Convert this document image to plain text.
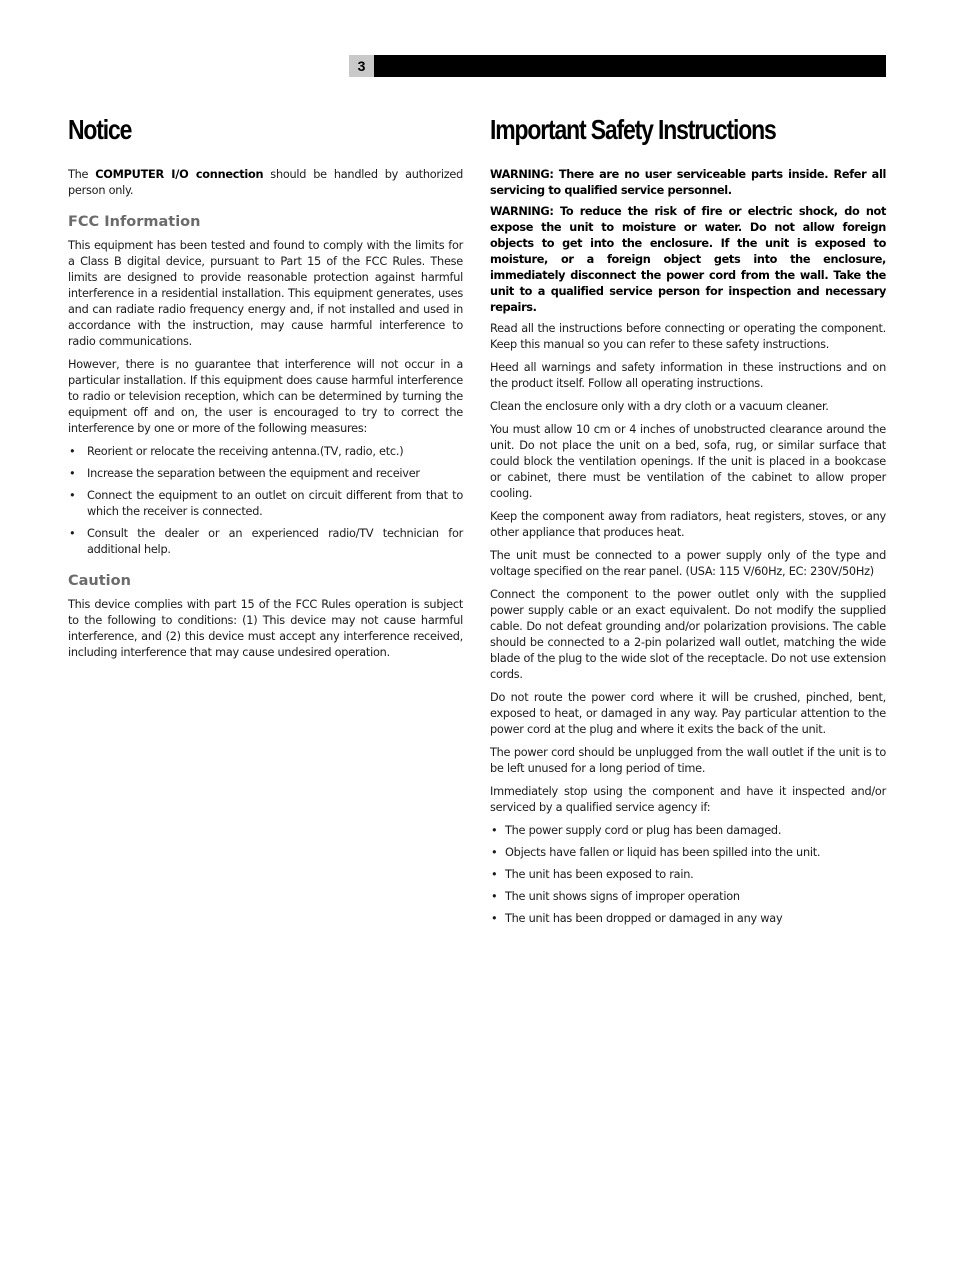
3
Notice

The COMPUTER I/O connection should be handled by authorized person only.

FCC Information

This equipment has been tested and found to comply with the limits for a Class B digital device, pursuant to Part 15 of the FCC Rules. These limits are designed to provide reasonable protection against harmful interference in a residential installation. This equipment generates, uses and can radiate radio frequency energy and, if not installed and used in accordance with the instruction, may cause harmful interference to radio communications.

However, there is no guarantee that interference will not occur in a particular installation. If this equipment does cause harmful interference to radio or television reception, which can be determined by turning the equipment off and on, the user is encouraged to try to correct the interference by one or more of the following measures:

• Reorient or relocate the receiving antenna.(TV, radio, etc.)
• Increase the separation between the equipment and receiver
• Connect the equipment to an outlet on circuit different from that to which the receiver is connected.
• Consult the dealer or an experienced radio/TV technician for additional help.
Caution

This device complies with part 15 of the FCC Rules operation is subject to the following to conditions: (1) This device may not cause harmful interference, and (2) this device must accept any interference received, including interference that may cause undesired operation.

Important Safety Instructions

WARNING: There are no user serviceable parts inside. Refer all servicing to qualified service personnel.

WARNING: To reduce the risk of fire or electric shock, do not expose the unit to moisture or water. Do not allow foreign objects to get into the enclosure. If the unit is exposed to moisture, or a foreign object gets into the enclosure, immediately disconnect the power cord from the wall. Take the unit to a qualified service person for inspection and necessary repairs.

Read all the instructions before connecting or operating the component. Keep this manual so you can refer to these safety instructions.

Heed all warnings and safety information in these instructions and on the product itself. Follow all operating instructions.

Clean the enclosure only with a dry cloth or a vacuum cleaner.

You must allow 10 cm or 4 inches of unobstructed clearance around the unit. Do not place the unit on a bed, sofa, rug, or similar surface that could block the ventilation openings. If the unit is placed in a bookcase or cabinet, there must be ventilation of the cabinet to allow proper cooling.

Keep the component away from radiators, heat registers, stoves, or any other appliance that produces heat.

The unit must be connected to a power supply only of the type and voltage specified on the rear panel. (USA: 115 V/60Hz, EC: 230V/50Hz)

Connect the component to the power outlet only with the supplied power supply cable or an exact equivalent. Do not modify the supplied cable. Do not defeat grounding and/or polarization provisions. The cable should be connected to a 2-pin polarized wall outlet, matching the wide blade of the plug to the wide slot of the receptacle. Do not use extension cords.

Do not route the power cord where it will be crushed, pinched, bent, exposed to heat, or damaged in any way. Pay particular attention to the power cord at the plug and where it exits the back of the unit.

The power cord should be unplugged from the wall outlet if the unit is to be left unused for a long period of time.

Immediately stop using the component and have it inspected and/or serviced by a qualified service agency if:

• The power supply cord or plug has been damaged.
• Objects have fallen or liquid has been spilled into the unit.
• The unit has been exposed to rain.
• The unit shows signs of improper operation
• The unit has been dropped or damaged in any way
